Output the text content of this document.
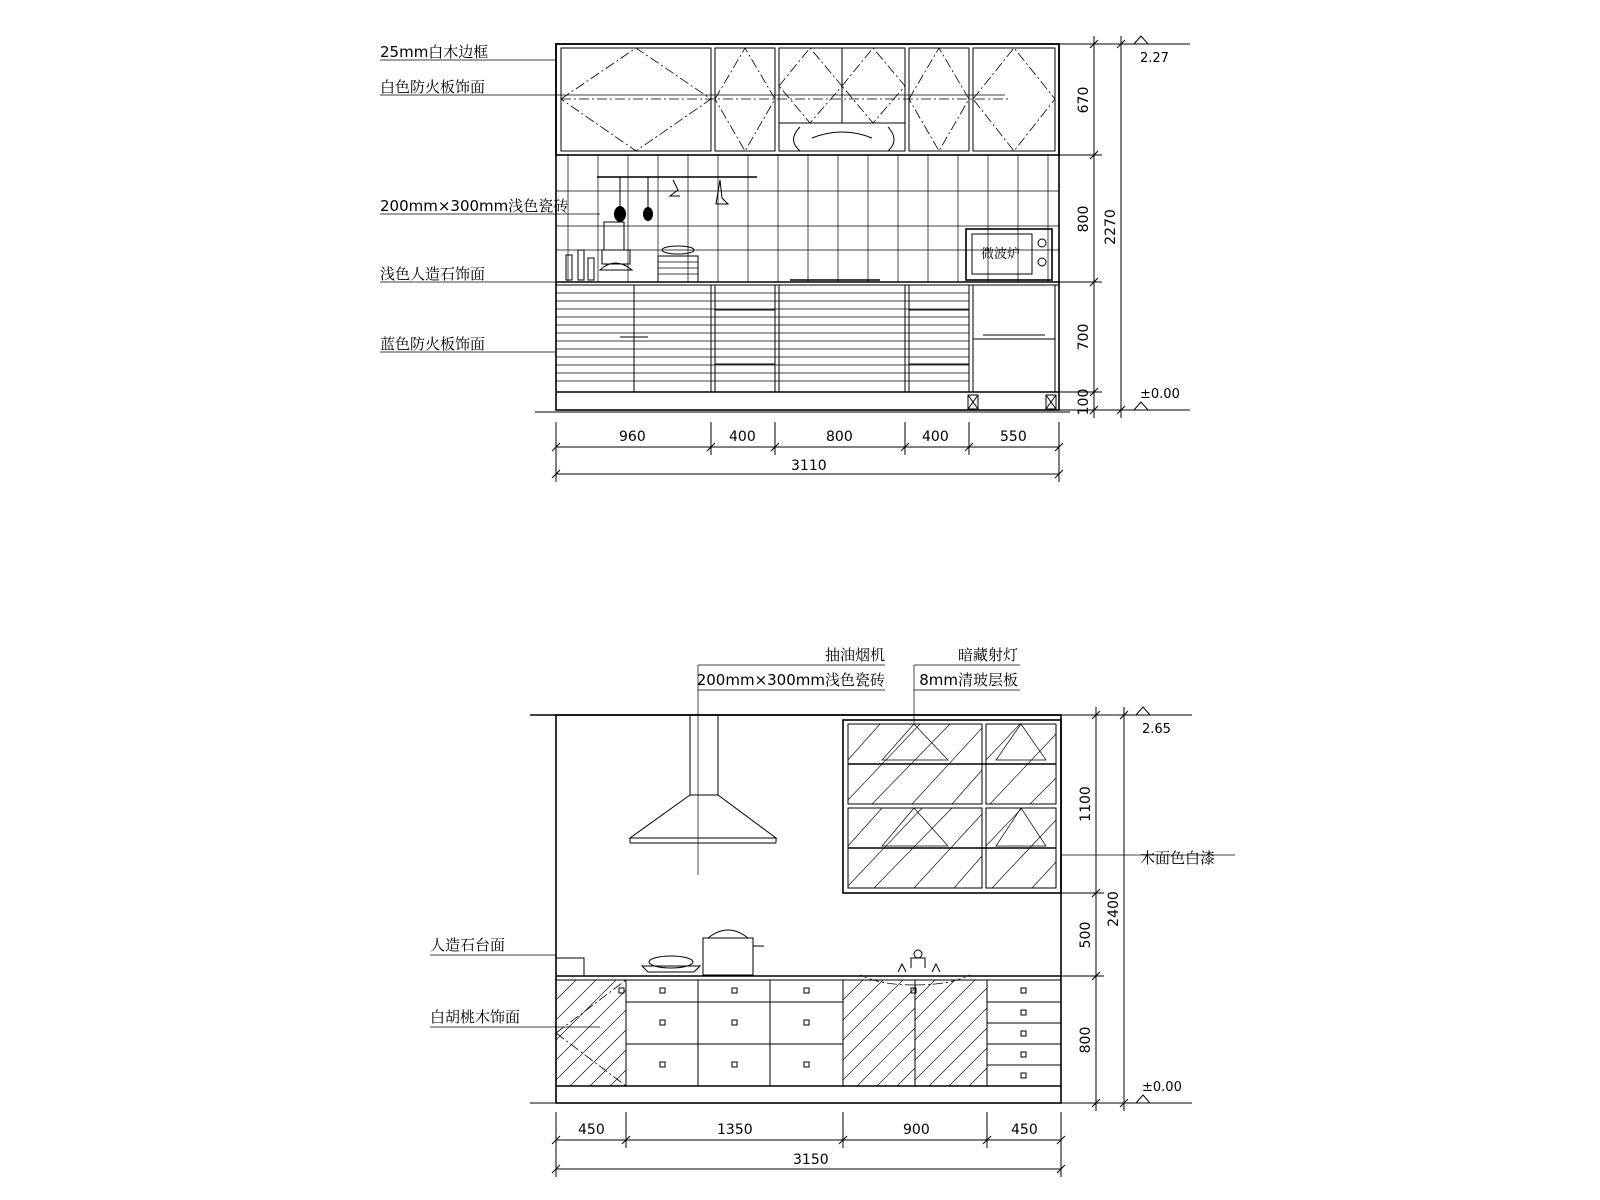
微波炉
25mm白木边框
白色防火板饰面
200mm×300mm浅色瓷砖
浅色人造石饰面
蓝色防火板饰面
960	400	800	400	550
3110
670
800
700
100
2270
2.27
±0.00
抽油烟机
200mm×300mm浅色瓷砖
暗藏射灯
8mm清玻层板
木面色白漆
人造石台面
白胡桃木饰面
450	1350	900	450
3150
1100
500
800
2400
2.65
±0.00
